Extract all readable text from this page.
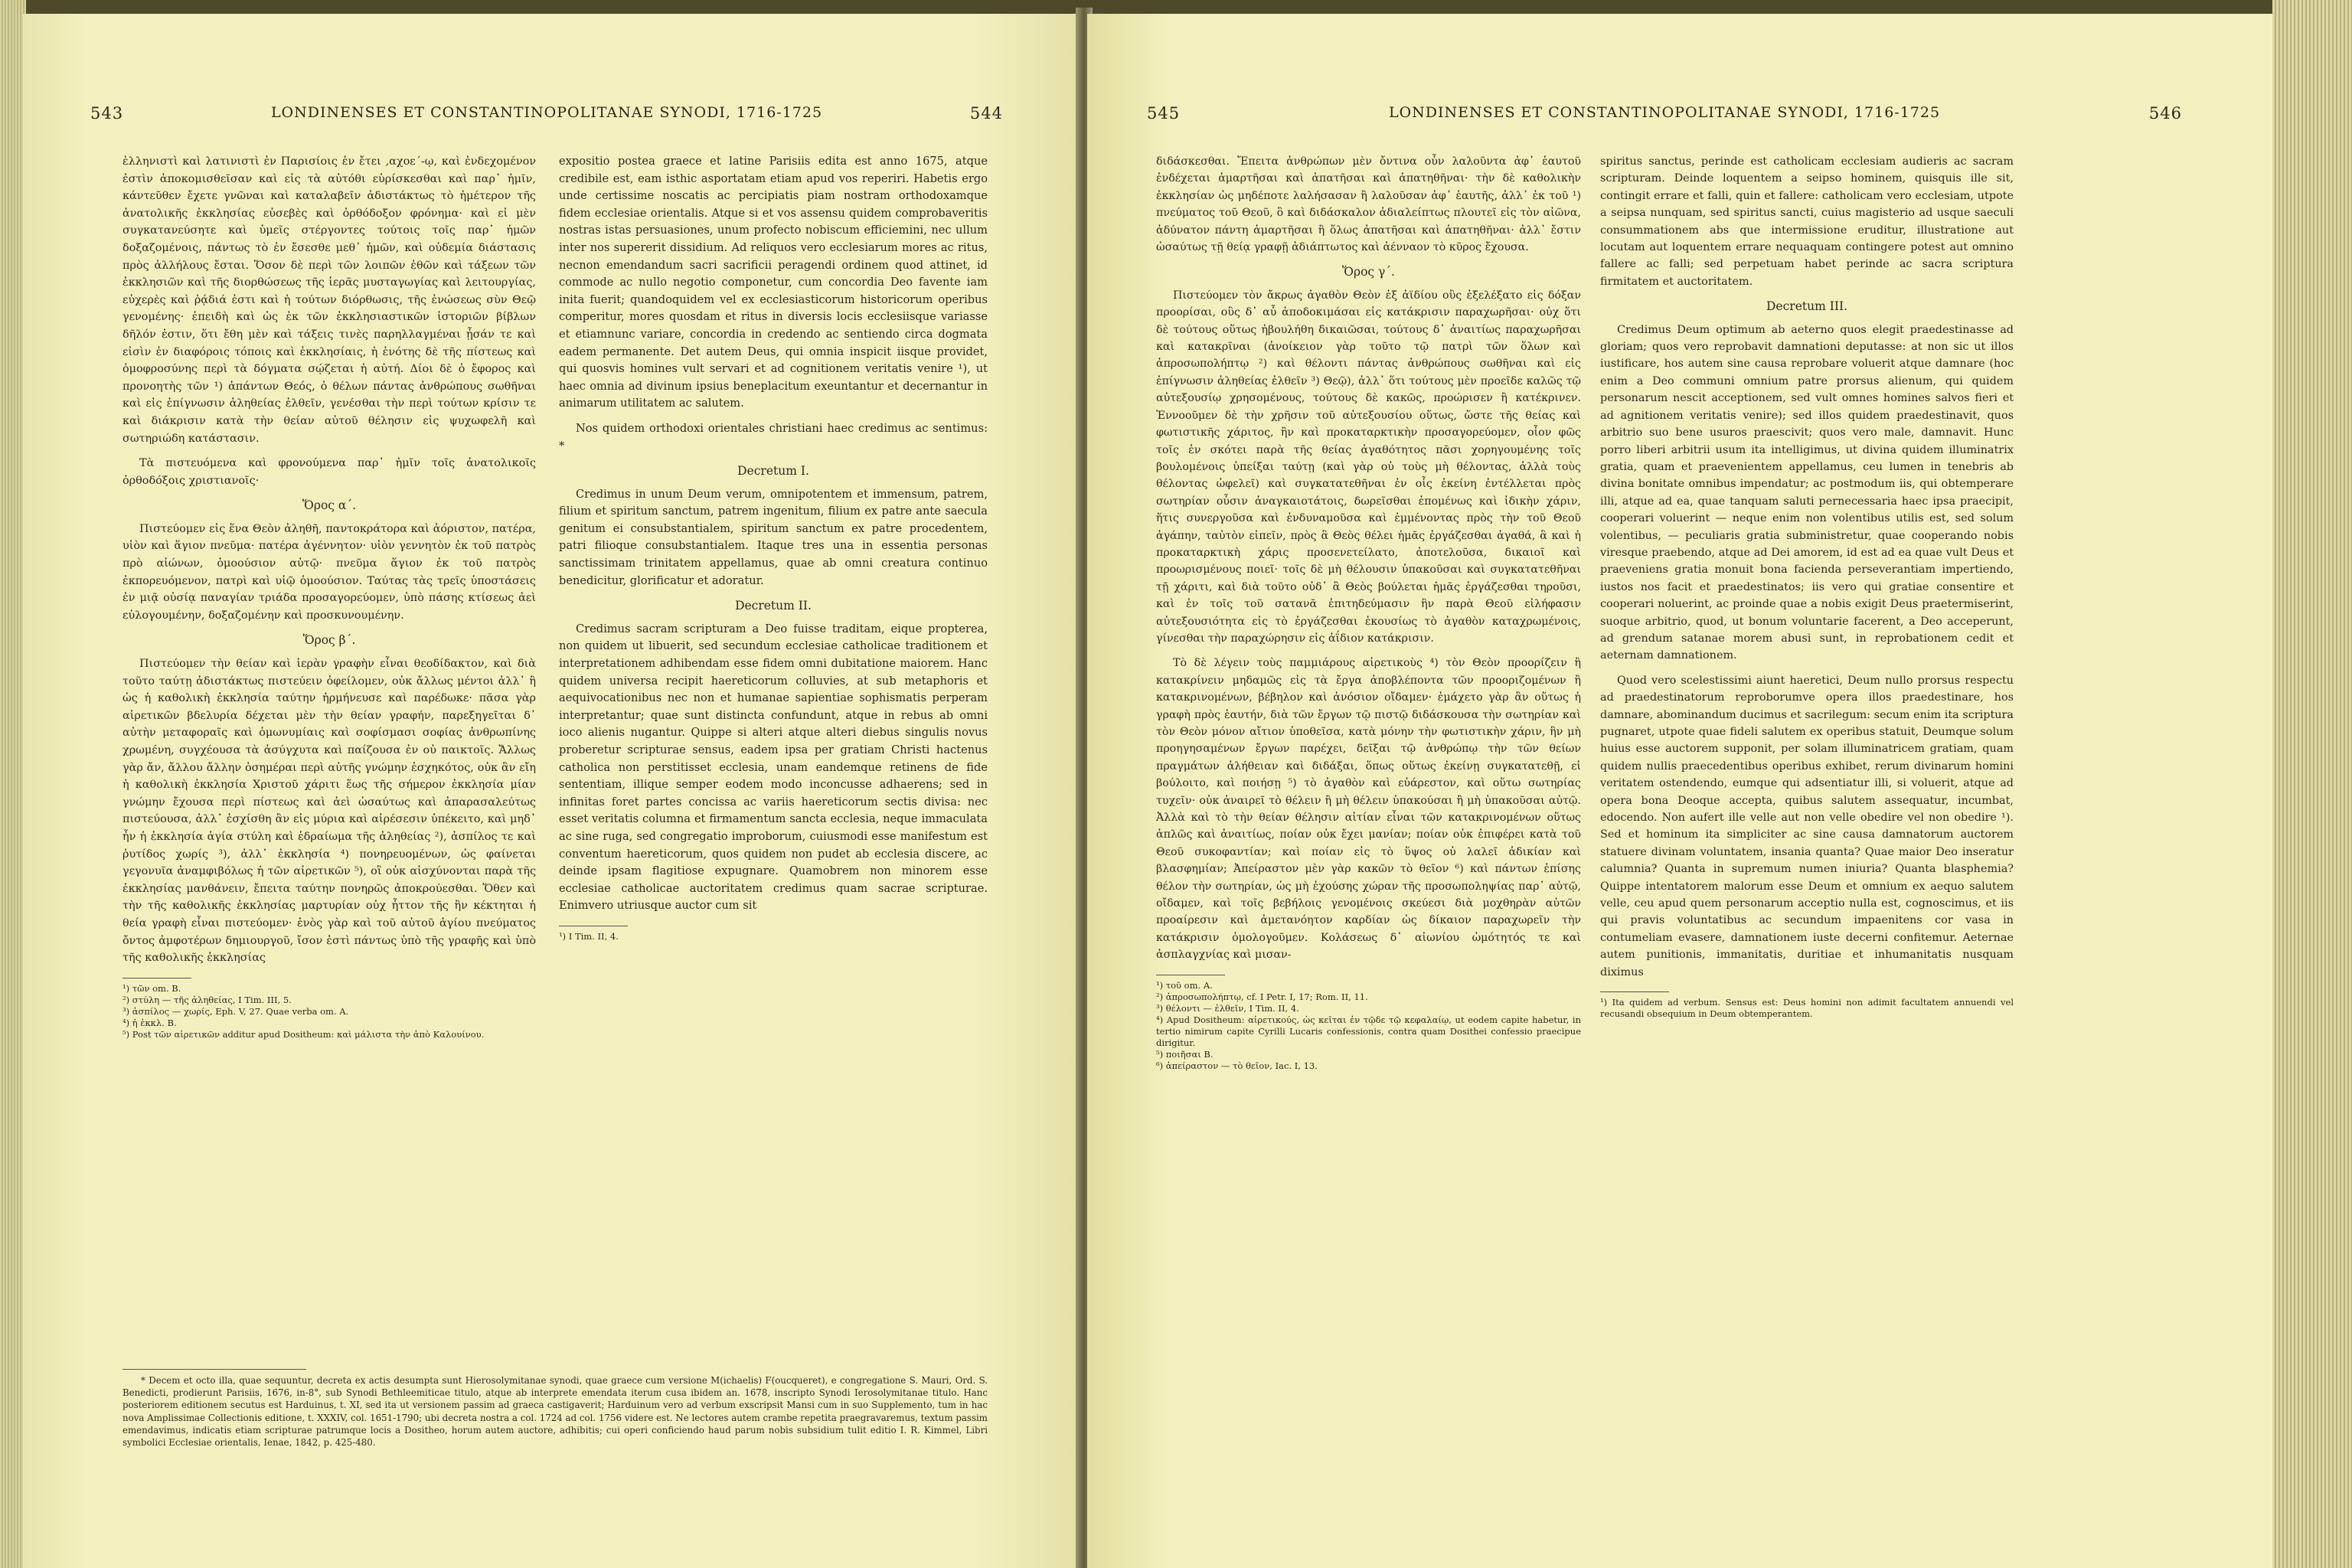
543	LONDINENSES ET CONSTANTINOPOLITANAE SYNODI, 1716-1725	544

ἑλληνιστὶ καὶ λατινιστὶ ἐν Παρισίοις ἐν ἔτει ,αχοε΄-ῳ, καὶ ἐνδεχομένον ἐστὶν ἀποκομισθεῖσαν καὶ εἰς τὰ αὐτόθι εὑρίσκεσθαι καὶ παρ᾽ ἡμῖν, κάντεῦθεν ἔχετε γνῶναι καὶ καταλαβεῖν ἀδιστάκτως τὸ ἡμέτερον τῆς ἀνατολικῆς ἐκκλησίας εὐσεβὲς καὶ ὀρθόδοξον φρόνημα· καὶ εἰ μὲν συγκατανεύσητε καὶ ὑμεῖς στέργοντες τούτοις τοῖς παρ᾽ ἡμῶν δοξαζομένοις, πάντως τὸ ἐν ἔσεσθε μεθ᾽ ἡμῶν, καὶ οὐδεμία διάστασις πρὸς ἀλλήλους ἔσται. Ὅσον δὲ περὶ τῶν λοιπῶν ἐθῶν καὶ τάξεων τῶν ἐκκλησιῶν καὶ τῆς διορθώσεως τῆς ἱερᾶς μυσταγωγίας καὶ λειτουργίας, εὐχερὲς καὶ ῥᾴδιά ἐστι καὶ ἡ τούτων διόρθωσις, τῆς ἑνώσεως σὺν Θεῷ γενομένης· ἐπειδὴ καὶ ὡς ἐκ τῶν ἐκκλησιαστικῶν ἱστοριῶν βίβλων δῆλόν ἐστιν, ὅτι ἔθη μὲν καὶ τάξεις τινὲς παρηλλαγμέναι ᾖσάν τε καὶ εἰσὶν ἐν διαφόροις τόποις καὶ ἐκκλησίαις, ἡ ἑνότης δὲ τῆς πίστεως καὶ ὁμοφροσύνης περὶ τὰ δόγματα σῴζεται ἡ αὐτή. Δίοι δὲ ὁ ἔφορος καὶ προνοητὴς τῶν ¹) ἁπάντων Θεός, ὁ θέλων πάντας ἀνθρώπους σωθῆναι καὶ εἰς ἐπίγνωσιν ἀληθείας ἐλθεῖν, γενέσθαι τὴν περὶ τούτων κρίσιν τε καὶ διάκρισιν κατὰ τὴν θείαν αὐτοῦ θέλησιν εἰς ψυχωφελῆ καὶ σωτηριώδη κατάστασιν.

Τὰ πιστευόμενα καὶ φρονούμενα παρ᾽ ἡμῖν τοῖς ἀνατολικοῖς ὀρθοδόξοις χριστιανοῖς·

Ὅρος α΄.

Πιστεύομεν εἰς ἕνα Θεὸν ἀληθῆ, παντοκράτορα καὶ ἀόριστον, πατέρα, υἱὸν καὶ ἅγιον πνεῦμα· πατέρα ἀγέννητον· υἱὸν γεννητὸν ἐκ τοῦ πατρὸς πρὸ αἰώνων, ὁμοούσιον αὐτῷ· πνεῦμα ἅγιον ἐκ τοῦ πατρὸς ἐκπορευόμενον, πατρὶ καὶ υἱῷ ὁμοούσιον. Ταύτας τὰς τρεῖς ὑποστάσεις ἐν μιᾷ οὐσίᾳ παναγίαν τριάδα προσαγορεύομεν, ὑπὸ πάσης κτίσεως ἀεὶ εὐλογουμένην, δοξαζομένην καὶ προσκυνουμένην.

Ὅρος β΄.

Πιστεύομεν τὴν θείαν καὶ ἱερὰν γραφὴν εἶναι θεοδίδακτον, καὶ διὰ τοῦτο ταύτῃ ἀδιστάκτως πιστεύειν ὀφείλομεν, οὐκ ἄλλως μέντοι ἀλλ᾽ ἢ ὡς ἡ καθολικὴ ἐκκλησία ταύτην ἡρμήνευσε καὶ παρέδωκε· πᾶσα γὰρ αἱρετικῶν βδελυρία δέχεται μὲν τὴν θείαν γραφήν, παρεξηγεῖται δ᾽ αὐτὴν μεταφοραῖς καὶ ὁμωνυμίαις καὶ σοφίσμασι σοφίας ἀνθρωπίνης χρωμένη, συγχέουσα τὰ ἀσύγχυτα καὶ παίζουσα ἐν οὐ παικτοῖς. Ἄλλως γὰρ ἄν, ἄλλου ἄλλην ὁσημέραι περὶ αὐτῆς γνώμην ἐσχηκότος, οὐκ ἂν εἴη ἡ καθολικὴ ἐκκλησία Χριστοῦ χάριτι ἕως τῆς σήμερον ἐκκλησία μίαν γνώμην ἔχουσα περὶ πίστεως καὶ ἀεὶ ὡσαύτως καὶ ἀπαρασαλεύτως πιστεύουσα, ἀλλ᾽ ἐσχίσθη ἂν εἰς μύρια καὶ αἱρέσεσιν ὑπέκειτο, καὶ μηδ᾽ ἦν ἡ ἐκκλησία ἁγία στύλη καὶ ἑδραίωμα τῆς ἀληθείας ²), ἀσπίλος τε καὶ ῥυτίδος χωρίς ³), ἀλλ᾽ ἐκκλησία ⁴) πονηρευομένων, ὡς φαίνεται γεγονυῖα ἀναμφιβόλως ἡ τῶν αἱρετικῶν ⁵), οἳ οὐκ αἰσχύνονται παρὰ τῆς ἐκκλησίας μανθάνειν, ἔπειτα ταύτην πονηρῶς ἀποκρούεσθαι. Ὅθεν καὶ τὴν τῆς καθολικῆς ἐκκλησίας μαρτυρίαν οὐχ ἧττον τῆς ἣν κέκτηται ἡ θεία γραφὴ εἶναι πιστεύομεν· ἑνὸς γὰρ καὶ τοῦ αὐτοῦ ἁγίου πνεύματος ὄντος ἀμφοτέρων δημιουργοῦ, ἴσον ἐστὶ πάντως ὑπὸ τῆς γραφῆς καὶ ὑπὸ τῆς καθολικῆς ἐκκλησίας

¹) τῶν om. B.

²) στύλη — τῆς ἀληθείας, I Tim. III, 5.

³) ἀσπίλος — χωρίς, Eph. V, 27. Quae verba om. A.

⁴) ἡ ἐκκλ. B.

⁵) Post τῶν αἱρετικῶν additur apud Dositheum: καὶ μάλιστα τὴν ἀπὸ Καλουίνου.

expositio postea graece et latine Parisiis edita est anno 1675, atque credibile est, eam isthic asportatam etiam apud vos reperiri. Habetis ergo unde certissime noscatis ac percipiatis piam nostram orthodoxamque fidem ecclesiae orientalis. Atque si et vos assensu quidem comprobaveritis nostras istas persuasiones, unum profecto nobiscum efficiemini, nec ullum inter nos supererit dissidium. Ad reliquos vero ecclesiarum mores ac ritus, necnon emendandum sacri sacrificii peragendi ordinem quod attinet, id commode ac nullo negotio componetur, cum concordia Deo favente iam inita fuerit; quandoquidem vel ex ecclesiasticorum historicorum operibus comperitur, mores quosdam et ritus in diversis locis ecclesiisque variasse et etiamnunc variare, concordia in credendo ac sentiendo circa dogmata eadem permanente. Det autem Deus, qui omnia inspicit iisque providet, qui quosvis homines vult servari et ad cognitionem veritatis venire ¹), ut haec omnia ad divinum ipsius beneplacitum exeuntantur et decernantur in animarum utilitatem ac salutem.

Nos quidem orthodoxi orientales christiani haec credimus ac sentimus: *

Decretum I.

Credimus in unum Deum verum, omnipotentem et immensum, patrem, filium et spiritum sanctum, patrem ingenitum, filium ex patre ante saecula genitum ei consubstantialem, spiritum sanctum ex patre procedentem, patri filioque consubstantialem. Itaque tres una in essentia personas sanctissimam trinitatem appellamus, quae ab omni creatura continuo benedicitur, glorificatur et adoratur.

Decretum II.

Credimus sacram scripturam a Deo fuisse traditam, eique propterea, non quidem ut libuerit, sed secundum ecclesiae catholicae traditionem et interpretationem adhibendam esse fidem omni dubitatione maiorem. Hanc quidem universa recipit haereticorum colluvies, at sub metaphoris et aequivocationibus nec non et humanae sapientiae sophismatis perperam interpretantur; quae sunt distincta confundunt, atque in rebus ab omni ioco alienis nugantur. Quippe si alteri atque alteri diebus singulis novus proberetur scripturae sensus, eadem ipsa per gratiam Christi hactenus catholica non perstitisset ecclesia, unam eandemque retinens de fide sententiam, illique semper eodem modo inconcusse adhaerens; sed in infinitas foret partes concissa ac variis haereticorum sectis divisa: nec esset veritatis columna et firmamentum sancta ecclesia, neque immaculata ac sine ruga, sed congregatio improborum, cuiusmodi esse manifestum est conventum haereticorum, quos quidem non pudet ab ecclesia discere, ac deinde ipsam flagitiose expugnare. Quamobrem non minorem esse ecclesiae catholicae auctoritatem credimus quam sacrae scripturae. Enimvero utriusque auctor cum sit

¹) I Tim. II, 4.

* Decem et octo illa, quae sequuntur, decreta ex actis desumpta sunt Hierosolymitanae synodi, quae graece cum versione M(ichaelis) F(oucqueret), e congregatione S. Mauri, Ord. S. Benedicti, prodierunt Parisiis, 1676, in-8°, sub Synodi Bethleemiticae titulo, atque ab interprete emendata iterum cusa ibidem an. 1678, inscripto Synodi Ierosolymitanae titulo. Hanc posteriorem editionem secutus est Harduinus, t. XI, sed ita ut versionem passim ad graeca castigaverit; Harduinum vero ad verbum exscripsit Mansi cum in suo Supplemento, tum in hac nova Amplissimae Collectionis editione, t. XXXIV, col. 1651-1790; ubi decreta nostra a col. 1724 ad col. 1756 videre est. Ne lectores autem crambe repetita praegravaremus, textum passim emendavimus, indicatis etiam scripturae patrumque locis a Dositheo, horum autem auctore, adhibitis; cui operi conficiendo haud parum nobis subsidium tulit editio I. R. Kimmel, Libri symbolici Ecclesiae orientalis, Ienae, 1842, p. 425-480.

545	LONDINENSES ET CONSTANTINOPOLITANAE SYNODI, 1716-1725	546

διδάσκεσθαι. Ἔπειτα ἀνθρώπων μὲν ὄντινα οὖν λαλοῦντα ἀφ᾽ ἑαυτοῦ ἐνδέχεται ἁμαρτῆσαι καὶ ἀπατῆσαι καὶ ἀπατηθῆναι· τὴν δὲ καθολικὴν ἐκκλησίαν ὡς μηδέποτε λαλήσασαν ἢ λαλοῦσαν ἀφ᾽ ἑαυτῆς, ἀλλ᾽ ἐκ τοῦ ¹) πνεύματος τοῦ Θεοῦ, ὃ καὶ διδάσκαλον ἀδιαλείπτως πλουτεῖ εἰς τὸν αἰῶνα, ἀδύνατον πάντη ἁμαρτῆσαι ἢ ὅλως ἀπατῆσαι καὶ ἀπατηθῆναι· ἀλλ᾽ ἔστιν ὡσαύτως τῇ θείᾳ γραφῇ ἀδιάπτωτος καὶ ἀένναον τὸ κῦρος ἔχουσα.

Ὅρος γ΄.

Πιστεύομεν τὸν ἄκρως ἀγαθὸν Θεὸν ἐξ ἀϊδίου οὓς ἐξελέξατο εἰς δόξαν προορίσαι, οὓς δ᾽ αὖ ἀποδοκιμάσαι εἰς κατάκρισιν παραχωρῆσαι· οὐχ ὅτι δὲ τούτους οὕτως ἠβουλήθη δικαιῶσαι, τούτους δ᾽ ἀναιτίως παραχωρῆσαι καὶ κατακρῖναι (ἀνοίκειον γὰρ τοῦτο τῷ πατρὶ τῶν ὅλων καὶ ἀπροσωπολήπτῳ ²) καὶ θέλοντι πάντας ἀνθρώπους σωθῆναι καὶ εἰς ἐπίγνωσιν ἀληθείας ἐλθεῖν ³) Θεῷ), ἀλλ᾽ ὅτι τούτους μὲν προεῖδε καλῶς τῷ αὐτεξουσίῳ χρησομένους, τούτους δὲ κακῶς, προώρισεν ἢ κατέκρινεν. Ἐννοοῦμεν δὲ τὴν χρῆσιν τοῦ αὐτεξουσίου οὕτως, ὥστε τῆς θείας καὶ φωτιστικῆς χάριτος, ἣν καὶ προκαταρκτικὴν προσαγορεύομεν, οἷον φῶς τοῖς ἐν σκότει παρὰ τῆς θείας ἀγαθότητος πᾶσι χορηγουμένης τοῖς βουλομένοις ὑπείξαι ταύτῃ (καὶ γὰρ οὐ τοὺς μὴ θέλοντας, ἀλλὰ τοὺς θέλοντας ὠφελεῖ) καὶ συγκατατεθῆναι ἐν οἷς ἐκείνη ἐντέλλεται πρὸς σωτηρίαν οὖσιν ἀναγκαιοτάτοις, δωρεῖσθαι ἐπομένως καὶ ἰδικὴν χάριν, ἥτις συνεργοῦσα καὶ ἐνδυναμοῦσα καὶ ἐμμένοντας πρὸς τὴν τοῦ Θεοῦ ἀγάπην, ταὐτὸν εἰπεῖν, πρὸς ἃ Θεὸς θέλει ἡμᾶς ἐργάζεσθαι ἀγαθά, ἃ καὶ ἡ προκαταρκτικὴ χάρις προσενετείλατο, ἀποτελοῦσα, δικαιοῖ καὶ προωρισμένους ποιεῖ· τοῖς δὲ μὴ θέλουσιν ὑπακοῦσαι καὶ συγκατατεθῆναι τῇ χάριτι, καὶ διὰ τοῦτο οὐδ᾽ ἃ Θεὸς βούλεται ἡμᾶς ἐργάζεσθαι τηροῦσι, καὶ ἐν τοῖς τοῦ σατανᾶ ἐπιτηδεύμασιν ἣν παρὰ Θεοῦ εἰλήφασιν αὐτεξουσιότητα εἰς τὸ ἐργάζεσθαι ἑκουσίως τὸ ἀγαθὸν καταχρωμένοις, γίνεσθαι τὴν παραχώρησιν εἰς ἀΐδιον κατάκρισιν.

Τὸ δὲ λέγειν τοὺς παμμιάρους αἱρετικοὺς ⁴) τὸν Θεὸν προορίζειν ἢ κατακρίνειν μηδαμῶς εἰς τὰ ἔργα ἀποβλέποντα τῶν προοριζομένων ἢ κατακρινομένων, βέβηλον καὶ ἀνόσιον οἴδαμεν· ἐμάχετο γὰρ ἂν οὕτως ἡ γραφὴ πρὸς ἑαυτήν, διὰ τῶν ἔργων τῷ πιστῷ διδάσκουσα τὴν σωτηρίαν καὶ τὸν Θεὸν μόνον αἴτιον ὑποθεῖσα, κατὰ μόνην τὴν φωτιστικὴν χάριν, ἣν μὴ προηγησαμένων ἔργων παρέχει, δεῖξαι τῷ ἀνθρώπῳ τὴν τῶν θείων πραγμάτων ἀλήθειαν καὶ διδάξαι, ὅπως οὕτως ἐκείνῃ συγκατατεθῇ, εἰ βούλοιτο, καὶ ποιήσῃ ⁵) τὸ ἀγαθὸν καὶ εὐάρεστον, καὶ οὕτω σωτηρίας τυχεῖν· οὐκ ἀναιρεῖ τὸ θέλειν ἢ μὴ θέλειν ὑπακούσαι ἢ μὴ ὑπακοῦσαι αὐτῷ. Ἀλλὰ καὶ τὸ τὴν θείαν θέλησιν αἰτίαν εἶναι τῶν κατακρινομένων οὕτως ἁπλῶς καὶ ἀναιτίως, ποίαν οὐκ ἔχει μανίαν; ποίαν οὐκ ἐπιφέρει κατὰ τοῦ Θεοῦ συκοφαντίαν; καὶ ποίαν εἰς τὸ ὕψος οὐ λαλεῖ ἀδικίαν καὶ βλασφημίαν; Ἀπείραστον μὲν γὰρ κακῶν τὸ θεῖον ⁶) καὶ πάντων ἐπίσης θέλον τὴν σωτηρίαν, ὡς μὴ ἐχούσης χώραν τῆς προσωποληψίας παρ᾽ αὐτῷ, οἴδαμεν, καὶ τοῖς βεβήλοις γενομένοις σκεύεσι διὰ μοχθηρὰν αὐτῶν προαίρεσιν καὶ ἀμετανόητον καρδίαν ὡς δίκαιον παραχωρεῖν τὴν κατάκρισιν ὁμολογοῦμεν. Κολάσεως δ᾽ αἰωνίου ὠμότητός τε καὶ ἀσπλαγχνίας καὶ μισαν-

¹) τοῦ om. A.

²) ἀπροσωπολήπτῳ, cf. I Petr. I, 17; Rom. II, 11.

³) θέλοντι — ἐλθεῖν, I Tim. II, 4.

⁴) Apud Dositheum: αἱρετικούς, ὡς κεῖται ἐν τῷδε τῷ κεφαλαίῳ, ut eodem capite habetur, in tertio nimirum capite Cyrilli Lucaris confessionis, contra quam Dosithei confessio praecipue dirigitur.

⁵) ποιῆσαι B.

⁶) ἀπείραστον — τὸ θεῖον, Iac. I, 13.

spiritus sanctus, perinde est catholicam ecclesiam audieris ac sacram scripturam. Deinde loquentem a seipso hominem, quisquis ille sit, contingit errare et falli, quin et fallere: catholicam vero ecclesiam, utpote a seipsa nunquam, sed spiritus sancti, cuius magisterio ad usque saeculi consummationem abs que intermissione eruditur, illustratione aut locutam aut loquentem errare nequaquam contingere potest aut omnino fallere ac falli; sed perpetuam habet perinde ac sacra scriptura firmitatem et auctoritatem.

Decretum III.

Credimus Deum optimum ab aeterno quos elegit praedestinasse ad gloriam; quos vero reprobavit damnationi deputasse: at non sic ut illos iustificare, hos autem sine causa reprobare voluerit atque damnare (hoc enim a Deo communi omnium patre prorsus alienum, qui quidem personarum nescit acceptionem, sed vult omnes homines salvos fieri et ad agnitionem veritatis venire); sed illos quidem praedestinavit, quos arbitrio suo bene usuros praescivit; quos vero male, damnavit. Hunc porro liberi arbitrii usum ita intelligimus, ut divina quidem illuminatrix gratia, quam et praevenientem appellamus, ceu lumen in tenebris ab divina bonitate omnibus impendatur; ac postmodum iis, qui obtemperare illi, atque ad ea, quae tanquam saluti pernecessaria haec ipsa praecipit, cooperari voluerint — neque enim non volentibus utilis est, sed solum volentibus, — peculiaris gratia subministretur, quae cooperando nobis viresque praebendo, atque ad Dei amorem, id est ad ea quae vult Deus et praeveniens gratia monuit bona facienda perseverantiam impertiendo, iustos nos facit et praedestinatos; iis vero qui gratiae consentire et cooperari noluerint, ac proinde quae a nobis exigit Deus praetermiserint, suoque arbitrio, quod, ut bonum voluntarie facerent, a Deo acceperunt, ad grendum satanae morem abusi sunt, in reprobationem cedit et aeternam damnationem.

Quod vero scelestissimi aiunt haeretici, Deum nullo prorsus respectu ad praedestinatorum reproborumve opera illos praedestinare, hos damnare, abominandum ducimus et sacrilegum: secum enim ita scriptura pugnaret, utpote quae fideli salutem ex operibus statuit, Deumque solum huius esse auctorem supponit, per solam illuminatricem gratiam, quam quidem nullis praecedentibus operibus exhibet, rerum divinarum homini veritatem ostendendo, eumque qui adsentiatur illi, si voluerit, atque ad opera bona Deoque accepta, quibus salutem assequatur, incumbat, edocendo. Non aufert ille velle aut non velle obedire vel non obedire ¹). Sed et hominum ita simpliciter ac sine causa damnatorum auctorem statuere divinam voluntatem, insania quanta? Quae maior Deo inseratur calumnia? Quanta in supremum numen iniuria? Quanta blasphemia? Quippe intentatorem malorum esse Deum et omnium ex aequo salutem velle, ceu apud quem personarum acceptio nulla est, cognoscimus, et iis qui pravis voluntatibus ac secundum impaenitens cor vasa in contumeliam evasere, damnationem iuste decerni confitemur. Aeternae autem punitionis, immanitatis, duritiae et inhumanitatis nusquam diximus

¹) Ita quidem ad verbum. Sensus est: Deus homini non adimit facultatem annuendi vel recusandi obsequium in Deum obtemperantem.
